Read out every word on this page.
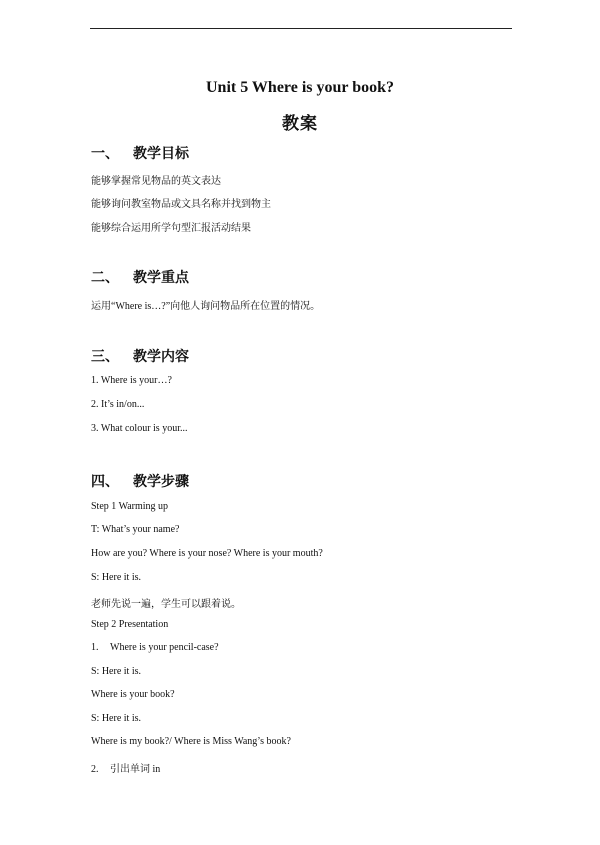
Unit 5 Where is your book?
教案
一、 教学目标
能够掌握常见物品的英文表达
能够询问教室物品或文具名称并找到物主
能够综合运用所学句型汇报活动结果
二、 教学重点
运用“Where is…?”向他人询问物品所在位置的情况。
三、 教学内容
1. Where is your…?
2. It’s in/on...
3. What colour is your...
四、 教学步骤
Step 1 Warming up
T: What’s your name?
How are you? Where is your nose? Where is your mouth?
S: Here it is.
老师先说一遍，学生可以跟着说。
Step 2 Presentation
1. Where is your pencil-case?
S: Here it is.
Where is your book?
S: Here it is.
Where is my book?/ Where is Miss Wang’s book?
2. 引出单词 in
